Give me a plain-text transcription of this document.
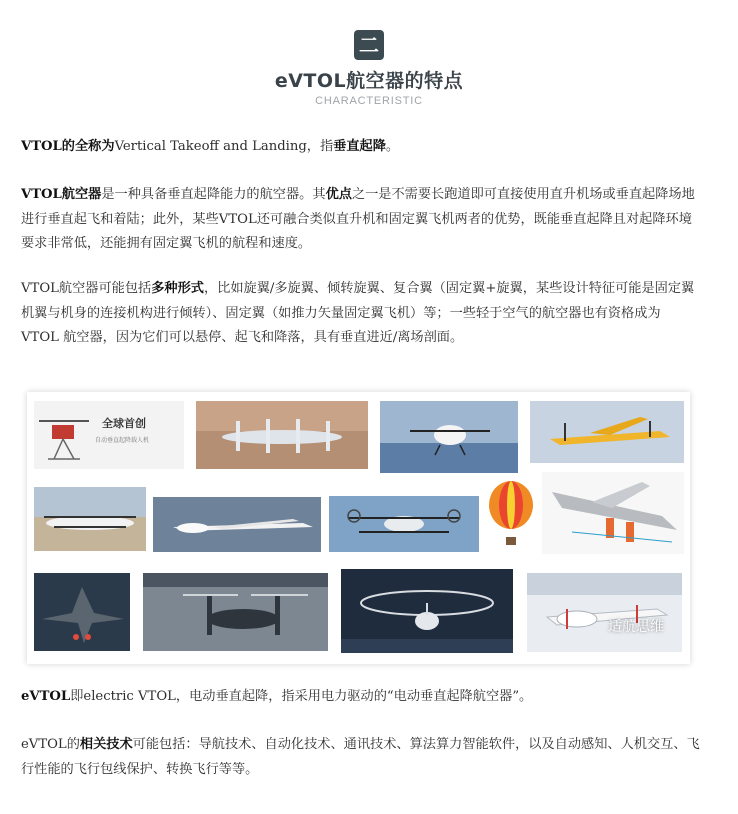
二
eVTOL航空器的特点
CHARACTERISTIC
VTOL的全称为Vertical Takeoff and Landing，指垂直起降。
VTOL航空器是一种具备垂直起降能力的航空器。其优点之一是不需要长跑道即可直接使用直升机场或垂直起降场地进行垂直起飞和着陆；此外，某些VTOL还可融合类似直升机和固定翼飞机两者的优势，既能垂直起降且对起降环境要求非常低，还能拥有固定翼飞机的航程和速度。
VTOL航空器可能包括多种形式，比如旋翼/多旋翼、倾转旋翼、复合翼（固定翼+旋翼，某些设计特征可能是固定翼机翼与机身的连接机构进行倾转）、固定翼（如推力矢量固定翼飞机）等；一些轻于空气的航空器也有资格成为 VTOL 航空器，因为它们可以悬停、起飞和降落，具有垂直进近/离场剖面。
全球首创
自动垂直起降载人机
适航思维
eVTOL即electric VTOL，电动垂直起降，指采用电力驱动的“电动垂直起降航空器”。
eVTOL的相关技术可能包括：导航技术、自动化技术、通讯技术、算法算力智能软件，以及自动感知、人机交互、飞行性能的飞行包线保护、转换飞行等等。
